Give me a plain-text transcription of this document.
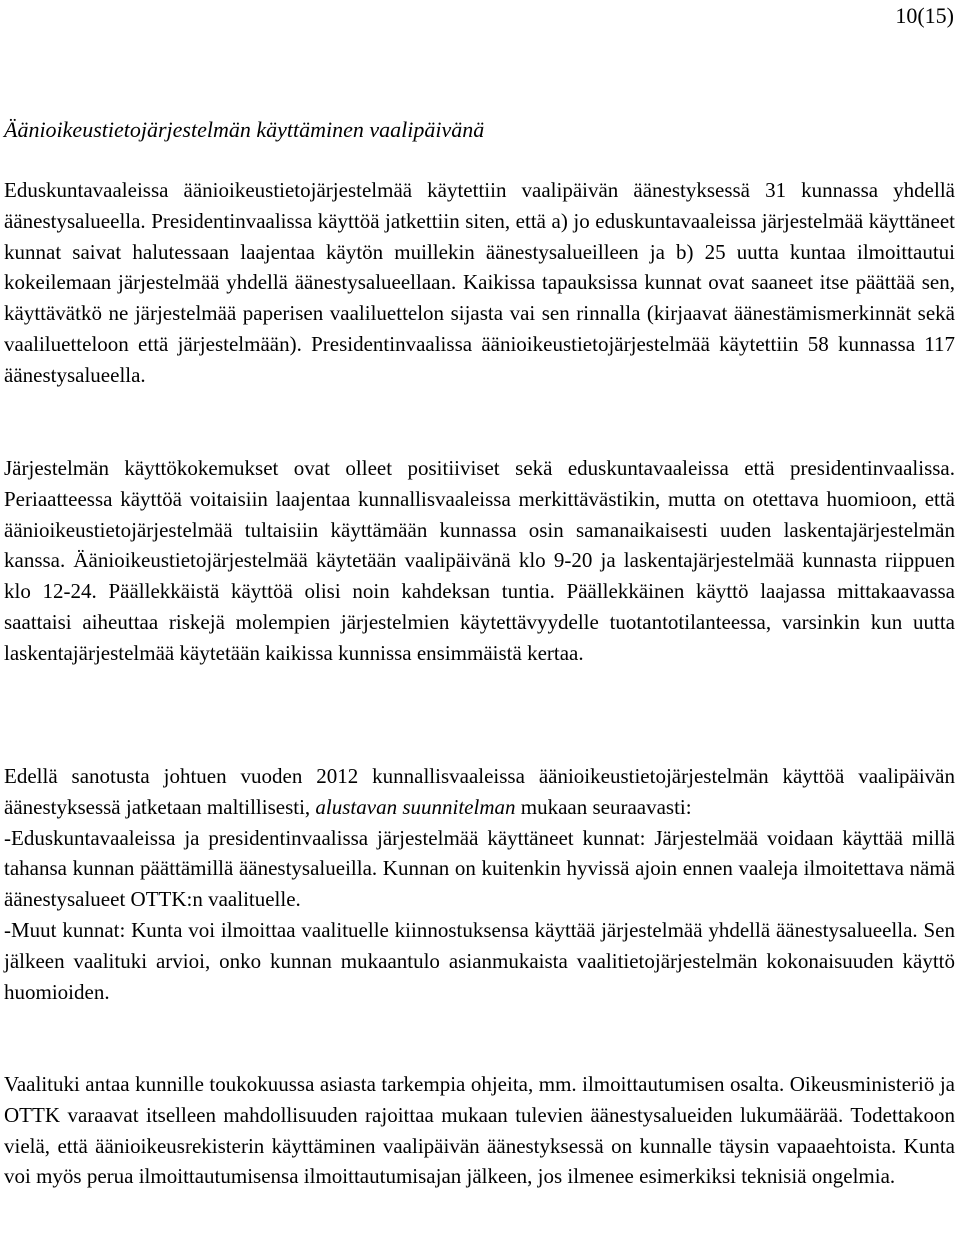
10(15)
Äänioikeustietojärjestelmän käyttäminen vaalipäivänä

Eduskuntavaaleissa äänioikeustietojärjestelmää käytettiin vaalipäivän äänestyksessä 31 kunnassa yhdellä äänestysalueella. Presidentinvaalissa käyttöä jatkettiin siten, että a) jo eduskuntavaaleissa järjestelmää käyttäneet kunnat saivat halutessaan laajentaa käytön muillekin äänestysalueilleen ja b) 25 uutta kuntaa ilmoittautui kokeilemaan järjestelmää yhdellä äänestysalueellaan. Kaikissa tapauksissa kunnat ovat saaneet itse päättää sen, käyttävätkö ne järjestelmää paperisen vaaliluettelon sijasta vai sen rinnalla (kirjaavat äänestämismerkinnät sekä vaaliluetteloon että järjestelmään). Presidentinvaalissa äänioikeustietojärjestelmää käytettiin 58 kunnassa 117 äänestysalueella.

Järjestelmän käyttökokemukset ovat olleet positiiviset sekä eduskuntavaaleissa että presidentinvaalissa. Periaatteessa käyttöä voitaisiin laajentaa kunnallisvaaleissa merkittävästikin, mutta on otettava huomioon, että äänioikeustietojärjestelmää tultaisiin käyttämään kunnassa osin samanaikaisesti uuden laskentajärjestelmän kanssa. Äänioikeustietojärjestelmää käytetään vaalipäivänä klo 9-20 ja laskentajärjestelmää kunnasta riippuen klo 12-24. Päällekkäistä käyttöä olisi noin kahdeksan tuntia. Päällekkäinen käyttö laajassa mittakaavassa saattaisi aiheuttaa riskejä molempien järjestelmien käytettävyydelle tuotantotilanteessa, varsinkin kun uutta laskentajärjestelmää käytetään kaikissa kunnissa ensimmäistä kertaa.

Edellä sanotusta johtuen vuoden 2012 kunnallisvaaleissa äänioikeustietojärjestelmän käyttöä vaalipäivän äänestyksessä jatketaan maltillisesti, alustavan suunnitelman mukaan seuraavasti:
-Eduskuntavaaleissa ja presidentinvaalissa järjestelmää käyttäneet kunnat: Järjestelmää voidaan käyttää millä tahansa kunnan päättämillä äänestysalueilla. Kunnan on kuitenkin hyvissä ajoin ennen vaaleja ilmoitettava nämä äänestysalueet OTTK:n vaalituelle.
-Muut kunnat: Kunta voi ilmoittaa vaalituelle kiinnostuksensa käyttää järjestelmää yhdellä äänestysalueella. Sen jälkeen vaalituki arvioi, onko kunnan mukaantulo asianmukaista vaalitietojärjestelmän kokonaisuuden käyttö huomioiden.

Vaalituki antaa kunnille toukokuussa asiasta tarkempia ohjeita, mm. ilmoittautumisen osalta. Oikeusministeriö ja OTTK varaavat itselleen mahdollisuuden rajoittaa mukaan tulevien äänestysalueiden lukumäärää. Todettakoon vielä, että äänioikeusrekisterin käyttäminen vaalipäivän äänestyksessä on kunnalle täysin vapaaehtoista. Kunta voi myös perua ilmoittautumisensa ilmoittautumisajan jälkeen, jos ilmenee esimerkiksi teknisiä ongelmia.
